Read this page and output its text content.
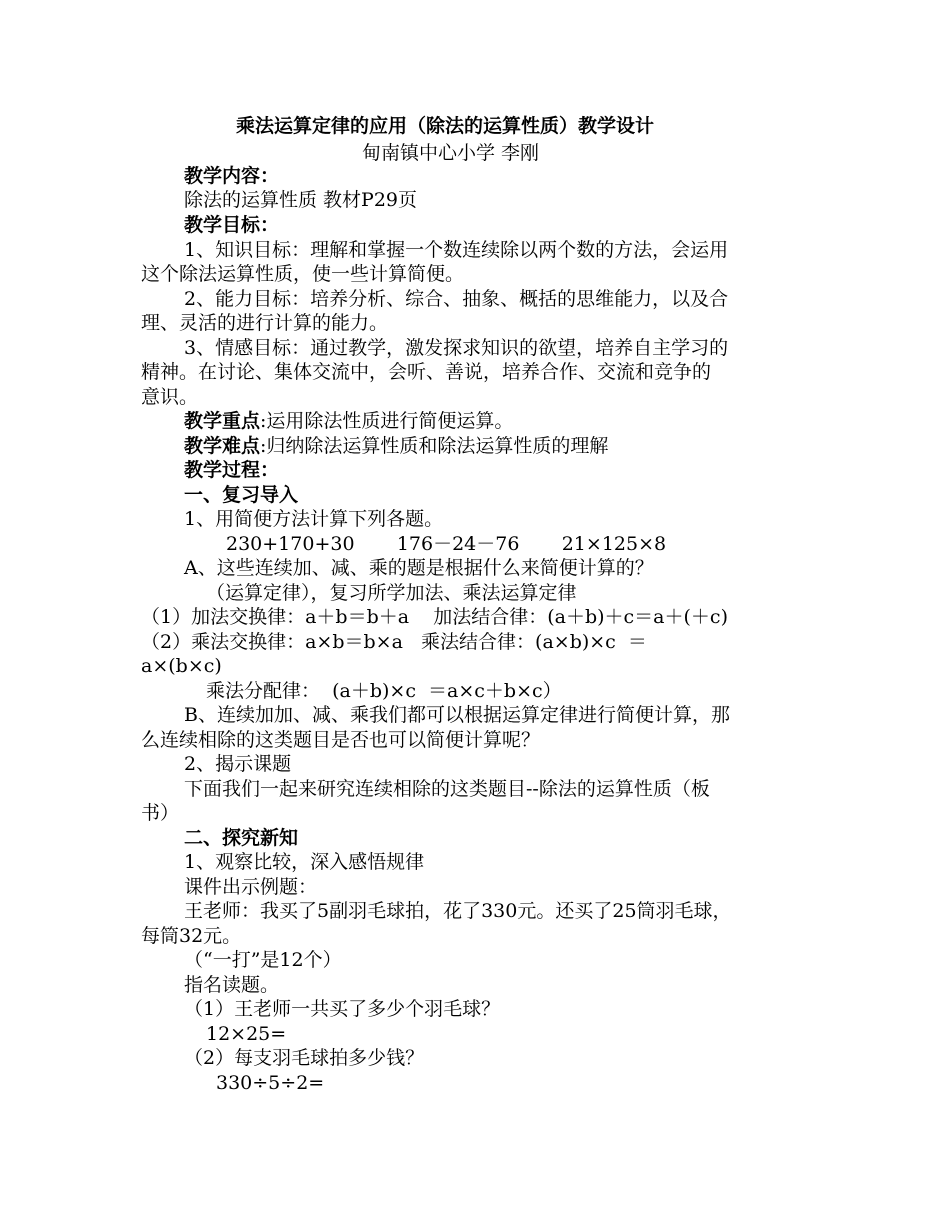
乘法运算定律的应用（除法的运算性质）教学设计
甸南镇中心小学 李刚
教学内容：
除法的运算性质 教材P29页
教学目标：
1、知识目标：理解和掌握一个数连续除以两个数的方法，会运用
这个除法运算性质，使一些计算简便。
2、能力目标：培养分析、综合、抽象、概括的思维能力，以及合
理、灵活的进行计算的能力。
3、情感目标：通过教学，激发探求知识的欲望，培养自主学习的
精神。在讨论、集体交流中，会听、善说，培养合作、交流和竞争的
意识。
教学重点:运用除法性质进行简便运算。
教学难点:归纳除法运算性质和除法运算性质的理解
教学过程：
一、复习导入
1、用简便方法计算下列各题。
230+170+30       176－24－76       21×125×8
A、这些连续加、减、乘的题是根据什么来简便计算的？
（运算定律），复习所学加法、乘法运算定律
（1）加法交换律：a＋b＝b＋a    加法结合律：(a＋b)＋c＝a＋(＋c)
（2）乘法交换律：a×b＝b×a   乘法结合律：(a×b)×c  ＝
a×(b×c)
乘法分配律：  (a＋b)×c  ＝a×c＋b×c）
B、连续加加、减、乘我们都可以根据运算定律进行简便计算，那
么连续相除的这类题目是否也可以简便计算呢？
2、揭示课题
下面我们一起来研究连续相除的这类题目--除法的运算性质（板
书）
二、探究新知
1、观察比较，深入感悟规律
课件出示例题：
王老师：我买了5副羽毛球拍，花了330元。还买了25筒羽毛球，
每筒32元。
（“一打”是12个）
指名读题。
（1）王老师一共买了多少个羽毛球？
12×25=
（2）每支羽毛球拍多少钱？
330÷5÷2=
